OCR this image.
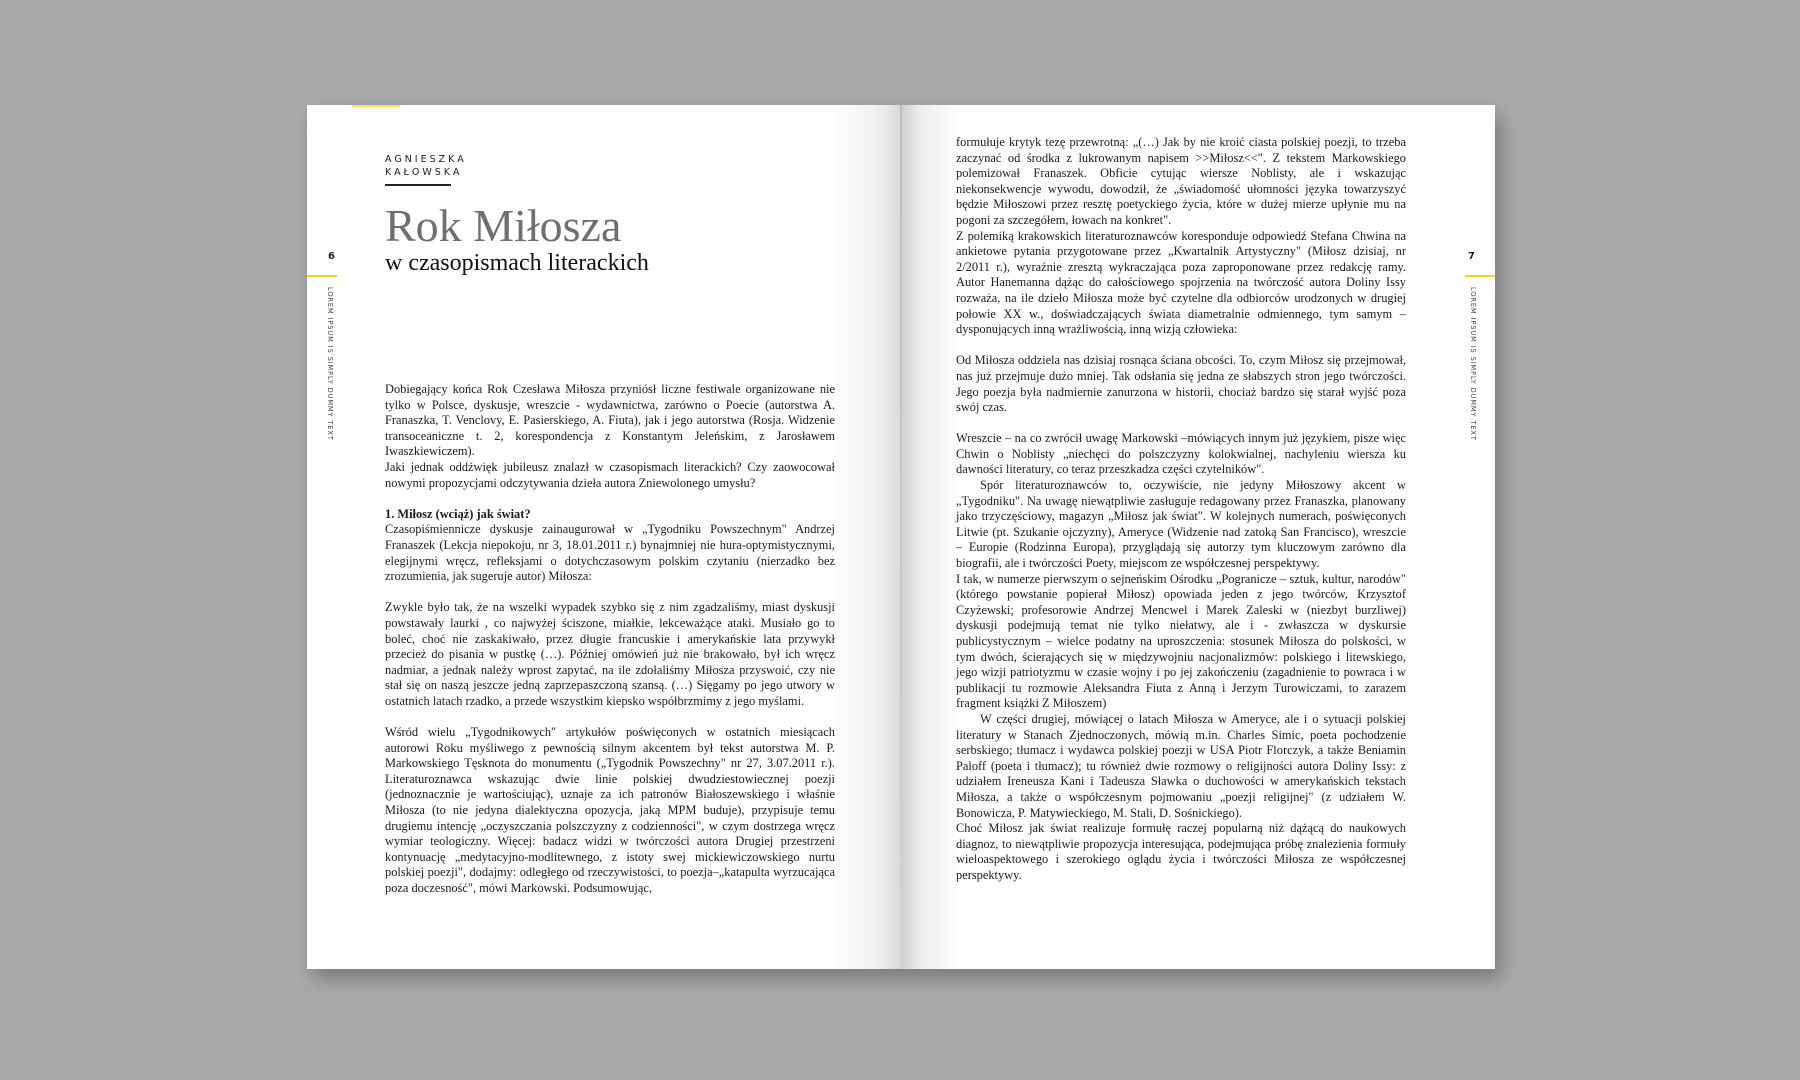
AGNIESZKA
KAŁOWSKA
Rok Miłosza
w czasopismach literackich
6
LOREM IPSUM IS SIMPLY DUMMY TEXT	Dobiegający końca Rok Czesława Miłosza przyniósł liczne festiwale organizowane nie tylko w Polsce, dyskusje, wreszcie - wydawnictwa, zarówno o Poecie (autorstwa A. Franaszka, T. Venclovy, E. Pasierskiego, A. Fiuta), jak i jego autorstwa (Rosja. Widzenie transoceaniczne t. 2, korespondencja z Konstantym Jeleńskim, z Jarosławem Iwaszkiewiczem).

Jaki jednak oddźwięk jubileusz znalazł w czasopismach literackich? Czy zaowocował nowymi propozycjami odczytywania dzieła autora Zniewolonego umysłu?

1. Miłosz (wciąż) jak świat?

Czasopiśmiennicze dyskusje zainaugurował w „Tygodniku Powszechnym" Andrzej Franaszek (Lekcja niepokoju, nr 3, 18.01.2011 r.) bynajmniej nie hura-optymistycznymi, elegijnymi wręcz, refleksjami o dotychczasowym polskim czytaniu (nierzadko bez zrozumienia, jak sugeruje autor) Miłosza:

Zwykle było tak, że na wszelki wypadek szybko się z nim zgadzaliśmy, miast dyskusji powstawały laurki , co najwyżej ściszone, miałkie, lekceważące ataki. Musiało go to boleć, choć nie zaskakiwało, przez długie francuskie i amerykańskie lata przywykł przecież do pisania w pustkę (…). Później omówień już nie brakowało, był ich wręcz nadmiar, a jednak należy wprost zapytać, na ile zdołaliśmy Miłosza przyswoić, czy nie stał się on naszą jeszcze jedną zaprzepaszczoną szansą. (…) Sięgamy po jego utwory w ostatnich latach rzadko, a przede wszystkim kiepsko współbrzmimy z jego myślami.

Wśród wielu „Tygodnikowych" artykułów poświęconych w ostatnich miesiącach autorowi Roku myśliwego z pewnością silnym akcentem był tekst autorstwa M. P. Markowskiego Tęsknota do monumentu („Tygodnik Powszechny" nr 27, 3.07.2011 r.). Literaturoznawca wskazując dwie linie polskiej dwudziestowiecznej poezji (jednoznacznie je wartościując), uznaje za ich patronów Białoszewskiego i właśnie Miłosza (to nie jedyna dialektyczna opozycja, jaką MPM buduje), przypisuje temu drugiemu intencję „oczyszczania polszczyzny z codzienności", w czym dostrzega wręcz wymiar teologiczny. Więcej: badacz widzi w twórczości autora Drugiej przestrzeni kontynuację „medytacyjno-modlitewnego, z istoty swej mickiewiczowskiego nurtu polskiej poezji", dodajmy: odległego od rzeczywistości, to poezja–„katapulta wyrzucająca poza doczesność", mówi Markowski. Podsumowując,

7
LOREM IPSUM IS SIMPLY DUMMY TEXT

formułuje krytyk tezę przewrotną: „(…) Jak by nie kroić ciasta polskiej poezji, to trzeba zaczynać od środka z lukrowanym napisem >>Miłosz<<". Z tekstem Markowskiego polemizował Franaszek. Obficie cytując wiersze Noblisty, ale i wskazując niekonsekwencje wywodu, dowodził, że „świadomość ułomności języka towarzyszyć będzie Miłoszowi przez resztę poetyckiego życia, które w dużej mierze upłynie mu na pogoni za szczegółem, łowach na konkret".

Z polemiką krakowskich literaturoznawców koresponduje odpowiedź Stefana Chwina na ankietowe pytania przygotowane przez „Kwartalnik Artystyczny" (Miłosz dzisiaj, nr 2/2011 r.), wyraźnie zresztą wykraczająca poza zaproponowane przez redakcję ramy. Autor Hanemanna dążąc do całościowego spojrzenia na twórczość autora Doliny Issy rozważa, na ile dzieło Miłosza może być czytelne dla odbiorców urodzonych w drugiej połowie XX w., doświadczających świata diametralnie odmiennego, tym samym – dysponujących inną wrażliwością, inną wizją człowieka:

Od Miłosza oddziela nas dzisiaj rosnąca ściana obcości. To, czym Miłosz się przejmował, nas już przejmuje dużo mniej. Tak odsłania się jedna ze słabszych stron jego twórczości. Jego poezja była nadmiernie zanurzona w historii, chociaż bardzo się starał wyjść poza swój czas.

Wreszcie – na co zwrócił uwagę Markowski –mówiących innym już językiem, pisze więc Chwin o Noblisty „niechęci do polszczyzny kolokwialnej, nachyleniu wiersza ku dawności literatury, co teraz przeszkadza części czytelników".

Spór literaturoznawców to, oczywiście, nie jedyny Miłoszowy akcent w „Tygodniku". Na uwagę niewątpliwie zasługuje redagowany przez Franaszka, planowany jako trzyczęściowy, magazyn „Miłosz jak świat". W kolejnych numerach, poświęconych Litwie (pt. Szukanie ojczyzny), Ameryce (Widzenie nad zatoką San Francisco), wreszcie – Europie (Rodzinna Europa), przyglądają się autorzy tym kluczowym zarówno dla biografii, ale i twórczości Poety, miejscom ze współczesnej perspektywy.

I tak, w numerze pierwszym o sejneńskim Ośrodku „Pogranicze – sztuk, kultur, narodów" (którego powstanie popierał Miłosz) opowiada jeden z jego twórców, Krzysztof Czyżewski; profesorowie Andrzej Mencwel i Marek Zaleski w (niezbyt burzliwej) dyskusji podejmują temat nie tylko niełatwy, ale i - zwłaszcza w dyskursie publicystycznym – wielce podatny na uproszczenia: stosunek Miłosza do polskości, w tym dwóch, ścierających się w międzywojniu nacjonalizmów: polskiego i litewskiego, jego wizji patriotyzmu w czasie wojny i po jej zakończeniu (zagadnienie to powraca i w publikacji tu rozmowie Aleksandra Fiuta z Anną i Jerzym Turowiczami, to zarazem fragment książki Z Miłoszem)

W części drugiej, mówiącej o latach Miłosza w Ameryce, ale i o sytuacji polskiej literatury w Stanach Zjednoczonych, mówią m.in. Charles Simic, poeta pochodzenie serbskiego; tłumacz i wydawca polskiej poezji w USA Piotr Florczyk, a także Beniamin Paloff (poeta i tłumacz); tu również dwie rozmowy o religijności autora Doliny Issy: z udziałem Ireneusza Kani i Tadeusza Sławka o duchowości w amerykańskich tekstach Miłosza, a także o współczesnym pojmowaniu „poezji religijnej" (z udziałem W. Bonowicza, P. Matywieckiego, M. Stali, D. Sośnickiego).

Choć Miłosz jak świat realizuje formułę raczej popularną niż dążącą do naukowych diagnoz, to niewątpliwie propozycja interesująca, podejmująca próbę znalezienia formuły wieloaspektowego i szerokiego oglądu życia i twórczości Miłosza ze współczesnej perspektywy.
